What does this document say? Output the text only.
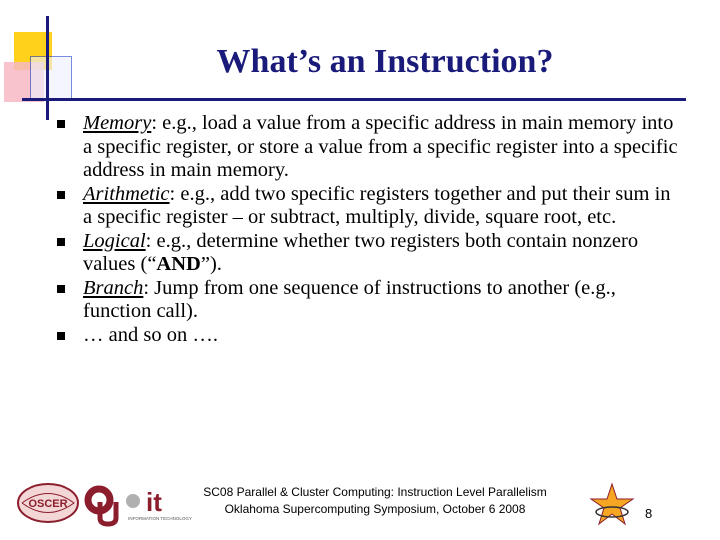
What’s an Instruction?
Memory: e.g., load a value from a specific address in main memory into a specific register, or store a value from a specific register into a specific address in main memory.
Arithmetic: e.g., add two specific registers together and put their sum in a specific register – or subtract, multiply, divide, square root, etc.
Logical: e.g., determine whether two registers both contain nonzero values (“AND”).
Branch: Jump from one sequence of instructions to another (e.g., function call).
… and so on ….
OSCER	it
INFORMATION TECHNOLOGY
SC08 Parallel & Cluster Computing: Instruction Level Parallelism
Oklahoma Supercomputing Symposium, October 6 2008	8
